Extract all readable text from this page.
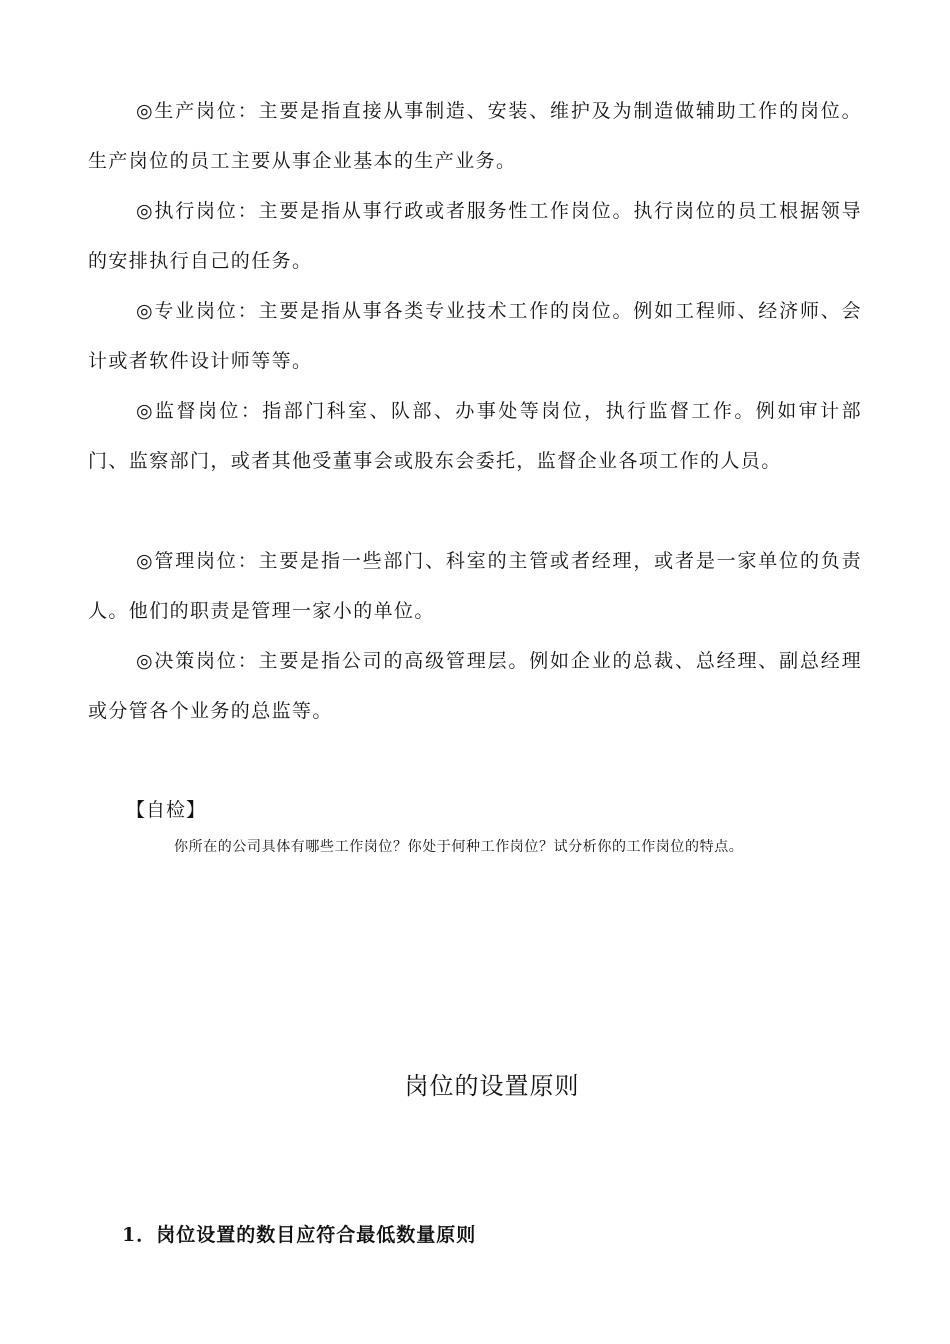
◎生产岗位：主要是指直接从事制造、安装、维护及为制造做辅助工作的岗位。生产岗位的员工主要从事企业基本的生产业务。

◎执行岗位：主要是指从事行政或者服务性工作岗位。执行岗位的员工根据领导的安排执行自己的任务。

◎专业岗位：主要是指从事各类专业技术工作的岗位。例如工程师、经济师、会计或者软件设计师等等。

◎监督岗位：指部门科室、队部、办事处等岗位，执行监督工作。例如审计部门、监察部门，或者其他受董事会或股东会委托，监督企业各项工作的人员。

◎管理岗位：主要是指一些部门、科室的主管或者经理，或者是一家单位的负责人。他们的职责是管理一家小的单位。

◎决策岗位：主要是指公司的高级管理层。例如企业的总裁、总经理、副总经理或分管各个业务的总监等。

【自检】
你所在的公司具体有哪些工作岗位？你处于何种工作岗位？试分析你的工作岗位的特点。
岗位的设置原则
1．岗位设置的数目应符合最低数量原则
